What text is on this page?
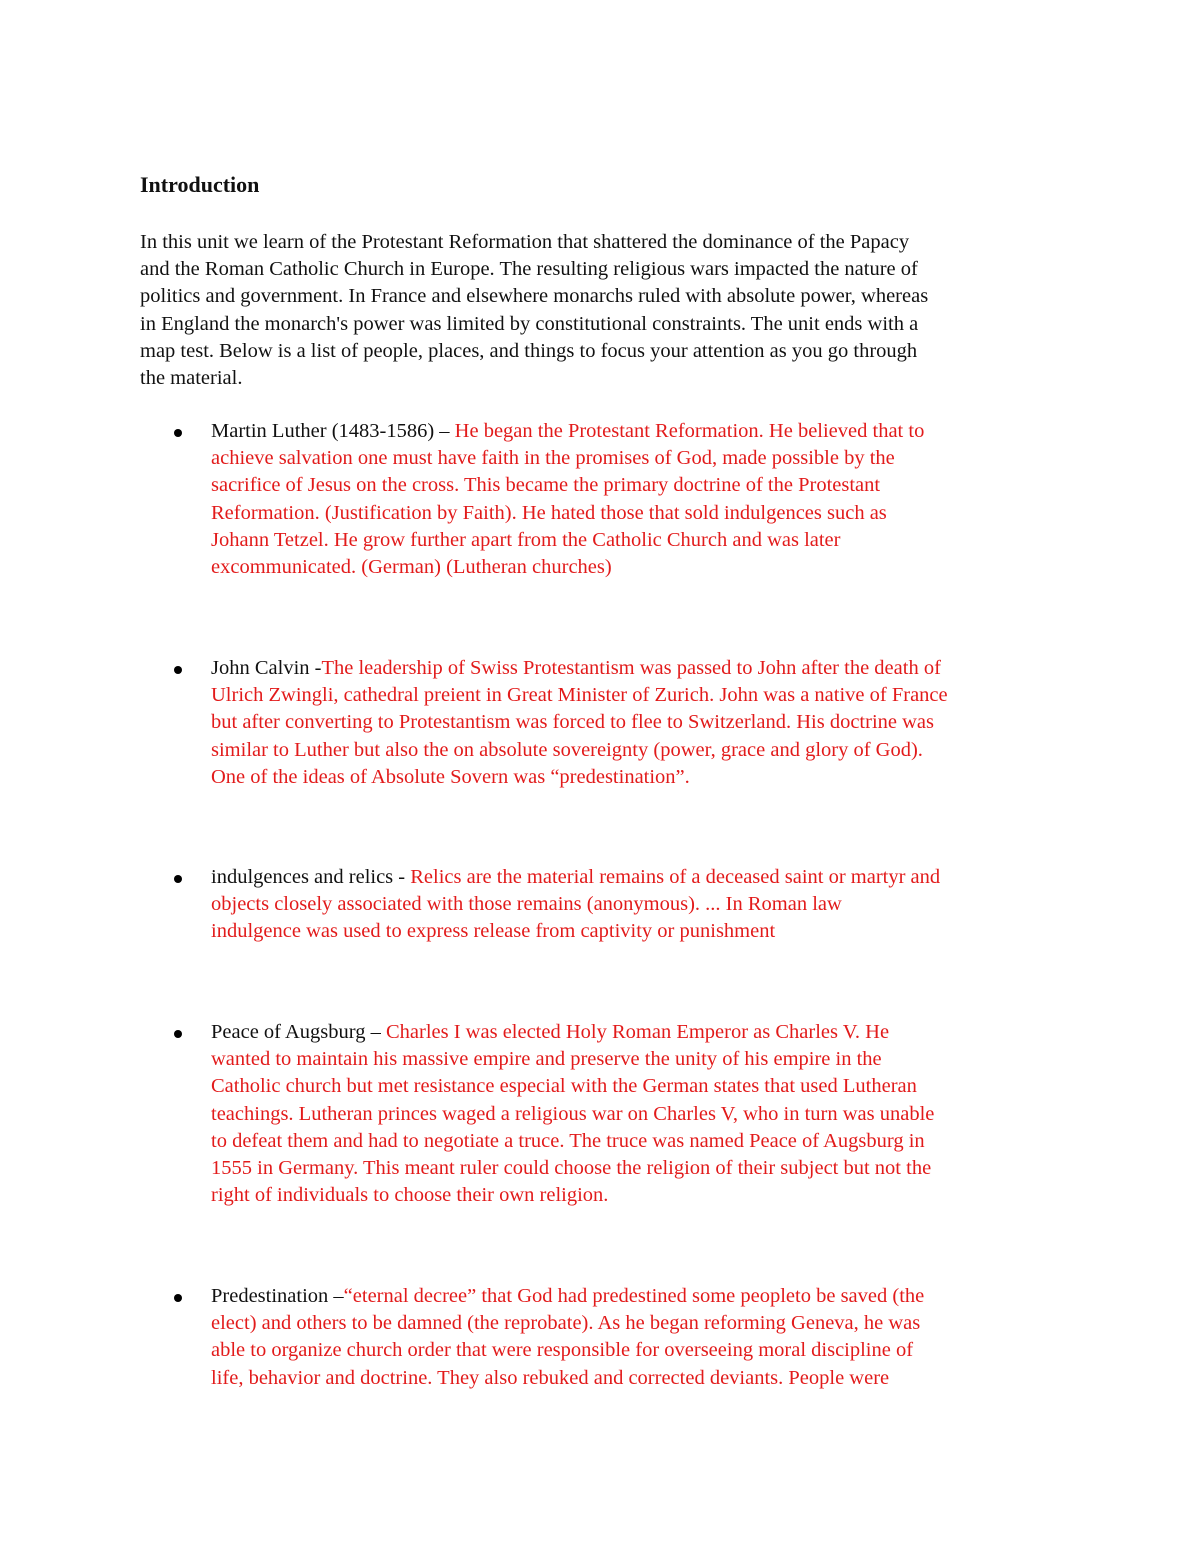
Introduction

In this unit we learn of the Protestant Reformation that shattered the dominance of the Papacy
and the Roman Catholic Church in Europe. The resulting religious wars impacted the nature of
politics and government. In France and elsewhere monarchs ruled with absolute power, whereas
in England the monarch's power was limited by constitutional constraints. The unit ends with a
map test. Below is a list of people, places, and things to focus your attention as you go through
the material.

Martin Luther (1483-1586) – He began the Protestant Reformation. He believed that to
achieve salvation one must have faith in the promises of God, made possible by the
sacrifice of Jesus on the cross. This became the primary doctrine of the Protestant
Reformation. (Justification by Faith). He hated those that sold indulgences such as
Johann Tetzel. He grow further apart from the Catholic Church and was later
excommunicated. (German) (Lutheran churches)
John Calvin -The leadership of Swiss Protestantism was passed to John after the death of
Ulrich Zwingli, cathedral preient in Great Minister of Zurich. John was a native of France
but after converting to Protestantism was forced to flee to Switzerland. His doctrine was
similar to Luther but also the on absolute sovereignty (power, grace and glory of God).
One of the ideas of Absolute Sovern was “predestination”.
indulgences and relics - Relics are the material remains of a deceased saint or martyr and
objects closely associated with those remains (anonymous). ... In Roman law
indulgence was used to express release from captivity or punishment
Peace of Augsburg – Charles I was elected Holy Roman Emperor as Charles V. He
wanted to maintain his massive empire and preserve the unity of his empire in the
Catholic church but met resistance especial with the German states that used Lutheran
teachings. Lutheran princes waged a religious war on Charles V, who in turn was unable
to defeat them and had to negotiate a truce. The truce was named Peace of Augsburg in
1555 in Germany. This meant ruler could choose the religion of their subject but not the
right of individuals to choose their own religion.
Predestination –“eternal decree” that God had predestined some peopleto be saved (the
elect) and others to be damned (the reprobate). As he began reforming Geneva, he was
able to organize church order that were responsible for overseeing moral discipline of
life, behavior and doctrine. They also rebuked and corrected deviants. People were
